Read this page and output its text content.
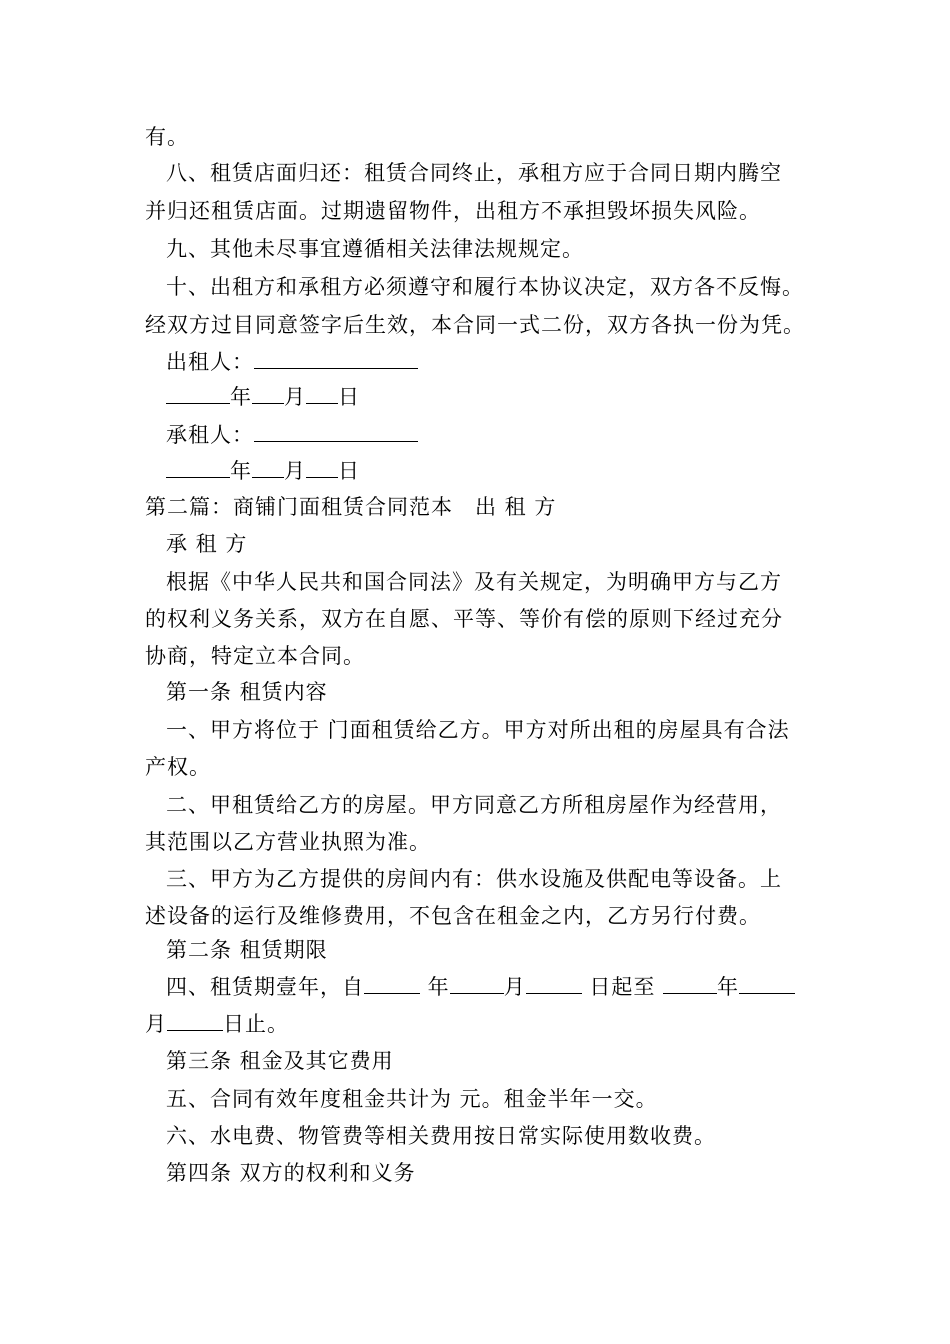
有。
八、租赁店面归还：租赁合同终止，承租方应于合同日期内腾空
并归还租赁店面。过期遗留物件，出租方不承担毁坏损失风险。
九、其他未尽事宜遵循相关法律法规规定。
十、出租方和承租方必须遵守和履行本协议决定，双方各不反悔。
经双方过目同意签字后生效，本合同一式二份，双方各执一份为凭。
出租人：
年 月 日
承租人：
年 月 日
第二篇：商铺门面租赁合同范本　出 租 方
承 租 方
根据《中华人民共和国合同法》及有关规定，为明确甲方与乙方
的权利义务关系，双方在自愿、平等、等价有偿的原则下经过充分
协商，特定立本合同。
第一条 租赁内容
一、甲方将位于 门面租赁给乙方。甲方对所出租的房屋具有合法
产权。
二、甲租赁给乙方的房屋。甲方同意乙方所租房屋作为经营用，
其范围以乙方营业执照为准。
三、甲方为乙方提供的房间内有：供水设施及供配电等设备。上
述设备的运行及维修费用，不包含在租金之内，乙方另行付费。
第二条 租赁期限
四、租赁期壹年，自	年	月	日起至	年
月	日止。
第三条 租金及其它费用
五、合同有效年度租金共计为 元。租金半年一交。
六、水电费、物管费等相关费用按日常实际使用数收费。
第四条 双方的权利和义务
